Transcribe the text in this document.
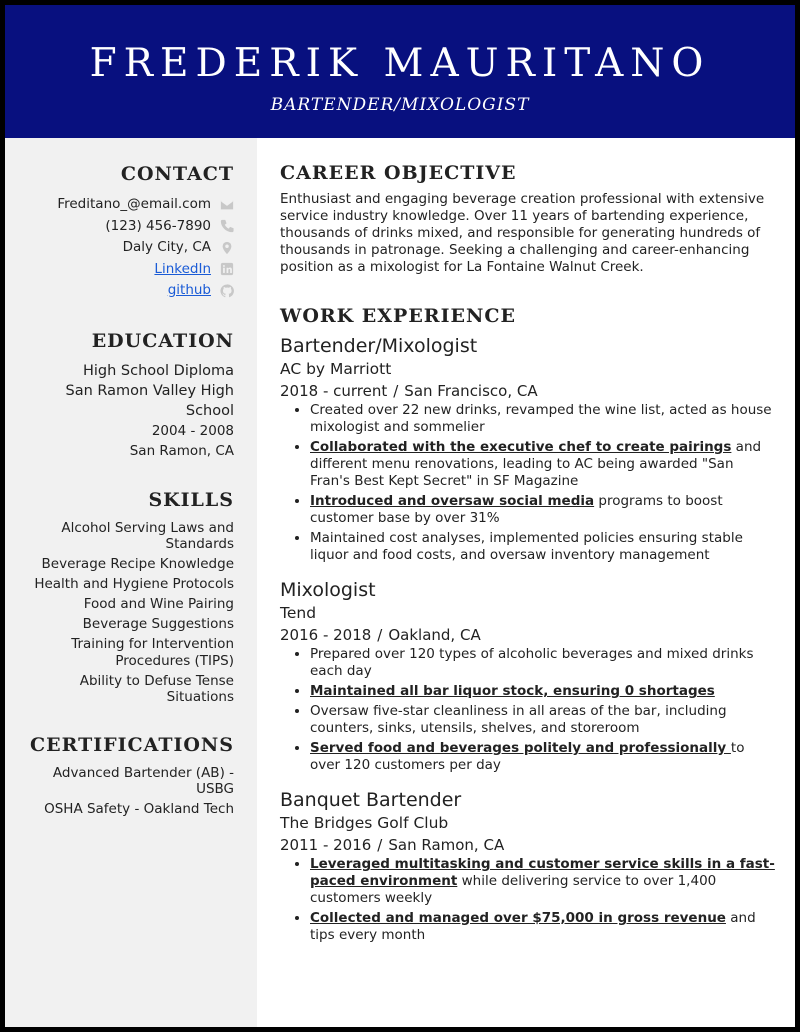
FREDERIK MAURITANO
BARTENDER/MIXOLOGIST
CONTACT
Freditano_@email.com
(123) 456-7890
Daly City, CA
LinkedIn
github
EDUCATION
High School Diploma
San Ramon Valley High School
2004 - 2008
San Ramon, CA
SKILLS
Alcohol Serving Laws and Standards
Beverage Recipe Knowledge
Health and Hygiene Protocols
Food and Wine Pairing
Beverage Suggestions
Training for Intervention Procedures (TIPS)
Ability to Defuse Tense Situations
CERTIFICATIONS
Advanced Bartender (AB) - USBG
OSHA Safety - Oakland Tech
CAREER OBJECTIVE
Enthusiast and engaging beverage creation professional with extensive service industry knowledge. Over 11 years of bartending experience, thousands of drinks mixed, and responsible for generating hundreds of thousands in patronage. Seeking a challenging and career-enhancing position as a mixologist for La Fontaine Walnut Creek.
WORK EXPERIENCE
Bartender/Mixologist
AC by Marriott
2018 - current / San Francisco, CA
• Created over 22 new drinks, revamped the wine list, acted as house mixologist and sommelier
• Collaborated with the executive chef to create pairings and different menu renovations, leading to AC being awarded "San Fran's Best Kept Secret" in SF Magazine
• Introduced and oversaw social media programs to boost customer base by over 31%
• Maintained cost analyses, implemented policies ensuring stable liquor and food costs, and oversaw inventory management
Mixologist
Tend
2016 - 2018 / Oakland, CA
• Prepared over 120 types of alcoholic beverages and mixed drinks each day
• Maintained all bar liquor stock, ensuring 0 shortages
• Oversaw five-star cleanliness in all areas of the bar, including counters, sinks, utensils, shelves, and storeroom
• Served food and beverages politely and professionally to over 120 customers per day
Banquet Bartender
The Bridges Golf Club
2011 - 2016 / San Ramon, CA
• Leveraged multitasking and customer service skills in a fast-paced environment while delivering service to over 1,400 customers weekly
• Collected and managed over $75,000 in gross revenue and tips every month
